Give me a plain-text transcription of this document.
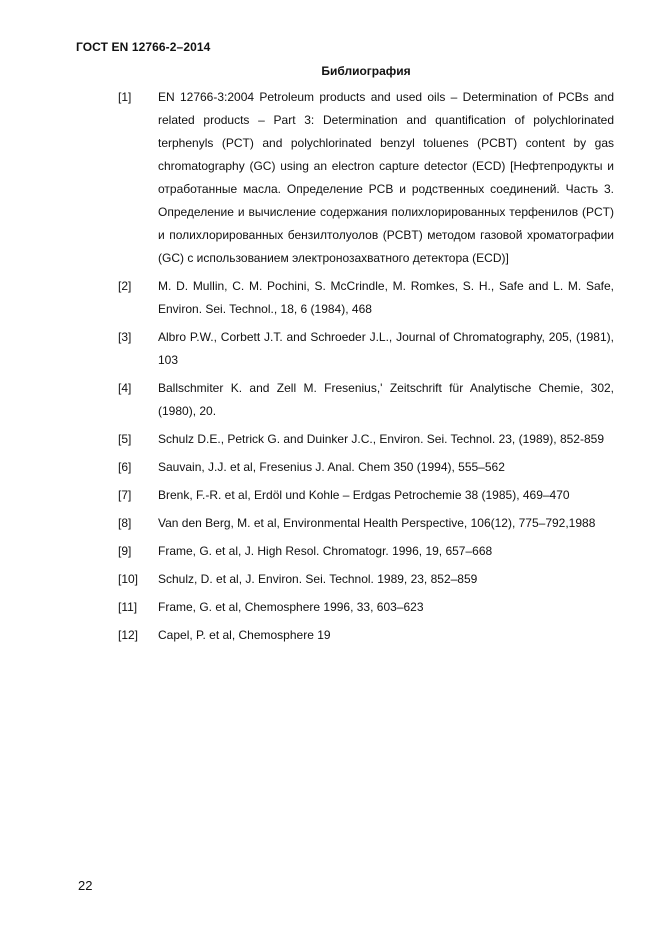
ГОСТ EN 12766-2–2014
Библиография
[1]	EN 12766-3:2004 Petroleum products and used oils – Determination of PCBs and related products – Part 3: Determination and quantification of polychlorinated terphenyls (PCT) and polychlorinated benzyl toluenes (PCBT) content by gas chromatography (GC) using an electron capture detector (ECD) [Нефтепродукты и отработанные масла. Определение PCB и родственных соединений. Часть 3. Определение и вычисление содержания полихлорированных терфенилов (PCT) и полихлорированных бензилтолуолов (PCBT) методом газовой хроматографии (GC) с использованием электронозахватного детектора (ECD)]
[2]	M. D. Mullin, C. M. Pochini, S. McCrindle, M. Romkes, S. H., Safe and L. M. Safe, Environ. Sei. Technol., 18, 6 (1984), 468
[3]	Albro P.W., Corbett J.T. and Schroeder J.L., Journal of Chromatography, 205, (1981), 103
[4]	Ballschmiter K. and Zell M. Fresenius,' Zeitschrift für Analytische Chemie, 302, (1980), 20.
[5]	Schulz D.E., Petrick G. and Duinker J.C., Environ. Sei. Technol. 23, (1989), 852-859
[6]	Sauvain, J.J. et al, Fresenius J. Anal. Chem 350 (1994), 555–562
[7]	Brenk, F.-R. et al, Erdöl und Kohle – Erdgas Petrochemie 38 (1985), 469–470
[8]	Van den Berg, M. et al, Environmental Health Perspective, 106(12), 775–792,1988
[9]	Frame, G. et al, J. High Resol. Chromatogr. 1996, 19, 657–668
[10]	Schulz, D. et al, J. Environ. Sei. Technol. 1989, 23, 852–859
[11]	Frame, G. et al, Chemosphere 1996, 33, 603–623
[12]	Capel, P. et al, Chemosphere 19
22
